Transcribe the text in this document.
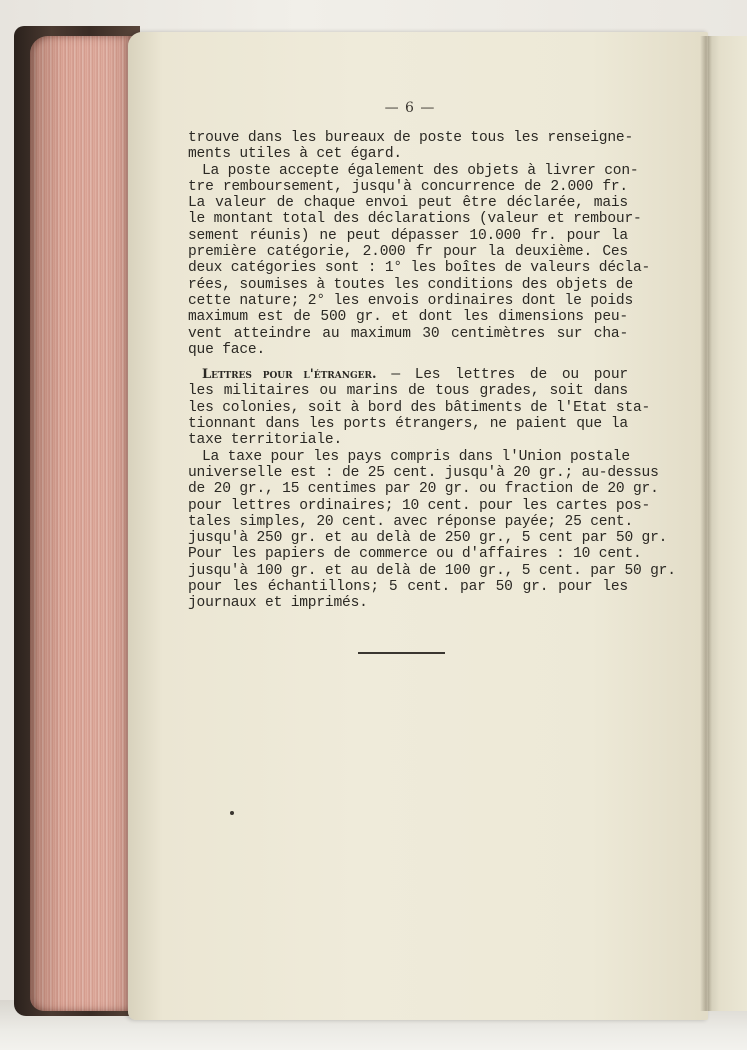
— 6 —
trouve dans les bureaux de poste tous les renseigne-
ments utiles à cet égard.
La poste accepte également des objets à livrer con-
tre remboursement, jusqu'à concurrence de 2.000 fr.
La valeur de chaque envoi peut être déclarée, mais
le montant total des déclarations (valeur et rembour-
sement réunis) ne peut dépasser 10.000 fr. pour la
première catégorie, 2.000 fr pour la deuxième. Ces
deux catégories sont : 1° les boîtes de valeurs décla-
rées, soumises à toutes les conditions des objets de
cette nature; 2° les envois ordinaires dont le poids
maximum est de 500 gr. et dont les dimensions peu-
vent atteindre au maximum 30 centimètres sur cha-
que face.
Lettres pour l'étranger. — Les lettres de ou pour
les militaires ou marins de tous grades, soit dans
les colonies, soit à bord des bâtiments de l'Etat sta-
tionnant dans les ports étrangers, ne paient que la
taxe territoriale.
La taxe pour les pays compris dans l'Union postale
universelle est : de 25 cent. jusqu'à 20 gr.; au-dessus
de 20 gr., 15 centimes par 20 gr. ou fraction de 20 gr.
pour lettres ordinaires; 10 cent. pour les cartes pos-
tales simples, 20 cent. avec réponse payée; 25 cent.
jusqu'à 250 gr. et au delà de 250 gr., 5 cent par 50 gr.
Pour les papiers de commerce ou d'affaires : 10 cent.
jusqu'à 100 gr. et au delà de 100 gr., 5 cent. par 50 gr.
pour les échantillons; 5 cent. par 50 gr. pour les
journaux et imprimés.
